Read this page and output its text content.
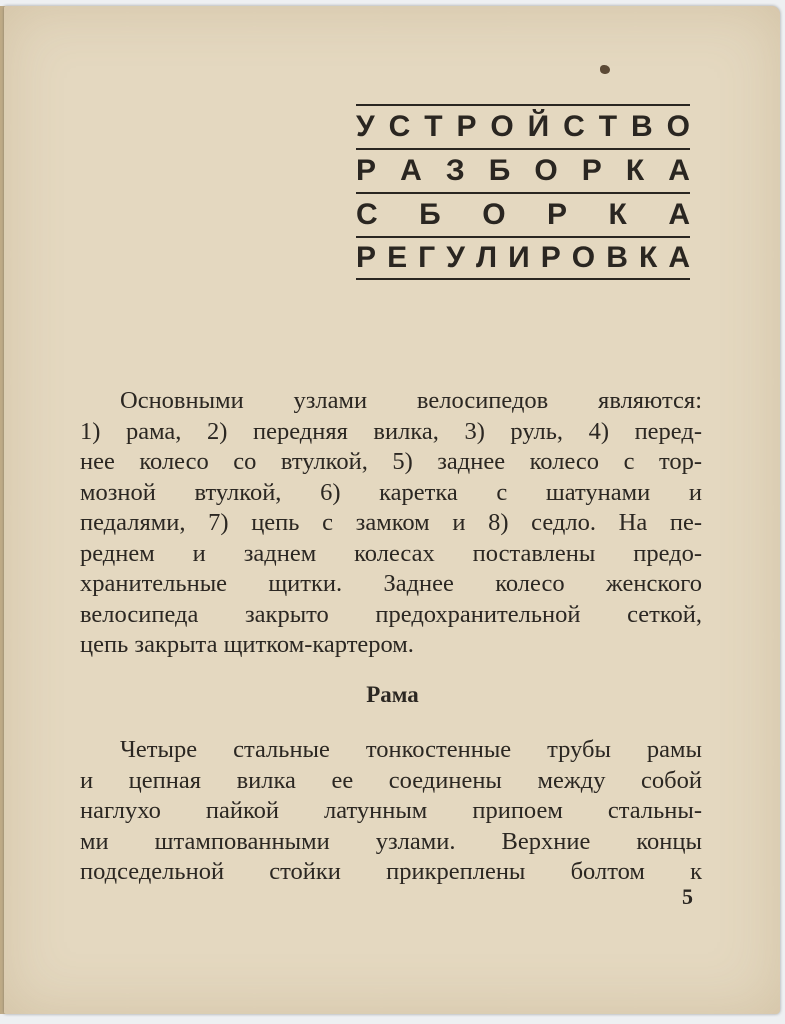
У С Т Р О Й С Т В О
Р А З Б О Р К А
С Б О Р К А
Р Е Г У Л И Р О В К А

Основными узлами велосипедов являются:

1) рама, 2) передняя вилка, 3) руль, 4) перед-

нее колесо со втулкой, 5) заднее колесо с тор-

мозной втулкой, 6) каретка с шатунами и

педалями, 7) цепь с замком и 8) седло. На пе-

реднем и заднем колесах поставлены предо-

хранительные щитки. Заднее колесо женского

велосипеда закрыто предохранительной сеткой,

цепь закрыта щитком-картером.

Рама

Четыре стальные тонкостенные трубы рамы

и цепная вилка ее соединены между собой

наглухо пайкой латунным припоем стальны-

ми штампованными узлами. Верхние концы

подседельной стойки прикреплены болтом к

5
